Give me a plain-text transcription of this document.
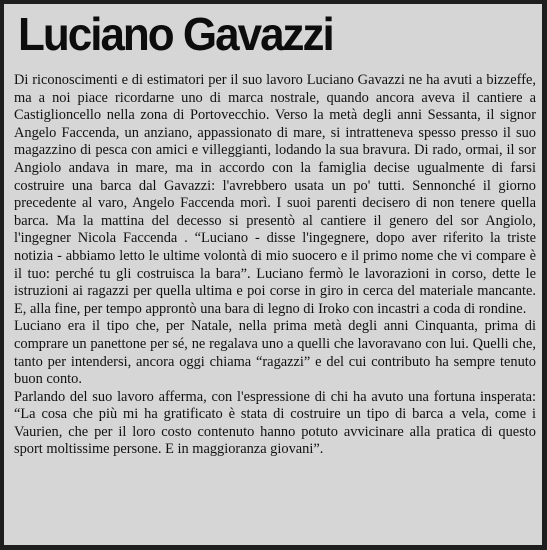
Luciano Gavazzi

Di riconoscimenti e di estimatori per il suo lavoro Luciano Gavazzi ne ha avuti a bizzeffe, ma a noi piace ricordarne uno di marca nostrale, quando ancora aveva il cantiere a Castiglioncello nella zona di Portovecchio. Verso la metà degli anni Sessanta, il signor Angelo Faccenda, un anziano, appassionato di mare, si intratteneva spesso presso il suo magazzino di pesca con amici e villeggianti, lodando la sua bravura. Di rado, ormai, il sor Angiolo andava in mare, ma in accordo con la famiglia decise ugualmente di farsi costruire una barca dal Gavazzi: l'avrebbero usata un po' tutti. Sennonché il giorno precedente al varo, Angelo Faccenda morì. I suoi parenti decisero di non tenere quella barca. Ma la mattina del decesso si presentò al cantiere il genero del sor Angiolo, l'ingegner Nicola Faccenda . “Luciano - disse l'ingegnere, dopo aver riferito la triste notizia - abbiamo letto le ultime volontà di mio suocero e il primo nome che vi compare è il tuo: perché tu gli costruisca la bara”. Luciano fermò le lavorazioni in corso, dette le istruzioni ai ragazzi per quella ultima e poi corse in giro in cerca del materiale mancante. E, alla fine, per tempo approntò una bara di legno di Iroko con incastri a coda di rondine.

Luciano era il tipo che, per Natale, nella prima metà degli anni Cinquanta, prima di comprare un panettone per sé, ne regalava uno a quelli che lavoravano con lui. Quelli che, tanto per intendersi, ancora oggi chiama “ragazzi” e del cui contributo ha sempre tenuto buon conto.

Parlando del suo lavoro afferma, con l'espressione di chi ha avuto una fortuna insperata: “La cosa che più mi ha gratificato è stata di costruire un tipo di barca a vela, come i Vaurien, che per il loro costo contenuto hanno potuto avvicinare alla pratica di questo sport moltissime persone. E in maggioranza giovani”.
